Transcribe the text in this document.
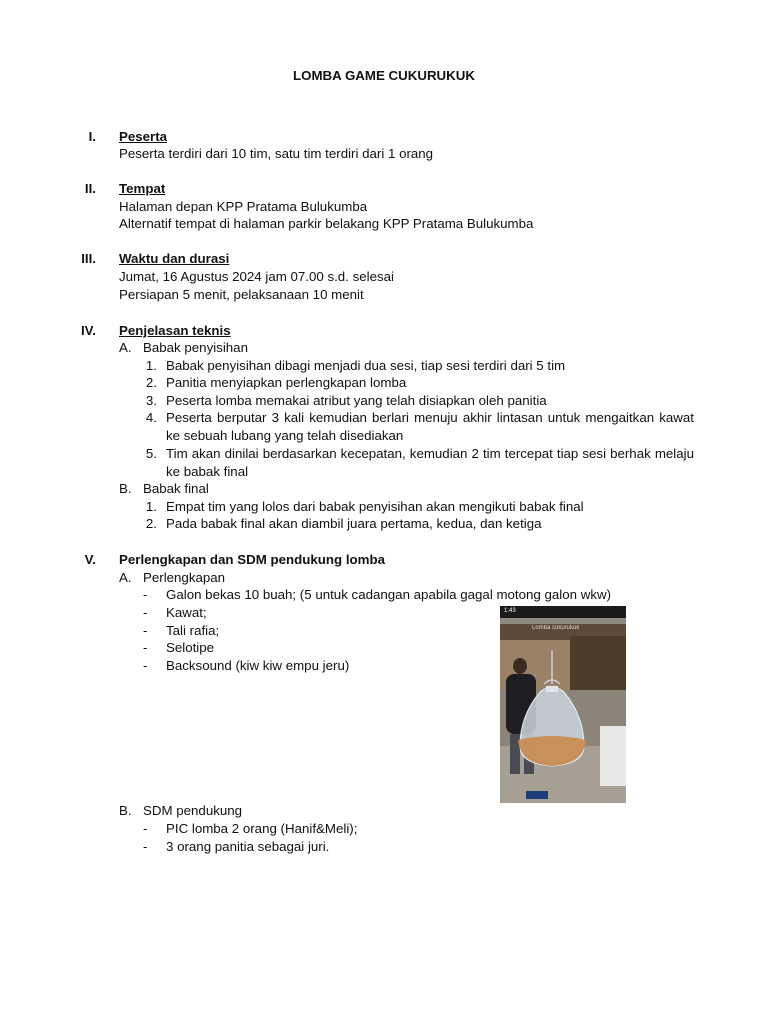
LOMBA GAME CUKURUKUK
I. Peserta
Peserta terdiri dari 10 tim, satu tim terdiri dari 1 orang
II. Tempat
Halaman depan KPP Pratama Bulukumba
Alternatif tempat di halaman parkir belakang KPP Pratama Bulukumba
III. Waktu dan durasi
Jumat, 16 Agustus 2024 jam 07.00 s.d. selesai
Persiapan 5 menit, pelaksanaan 10 menit
IV. Penjelasan teknis
A. Babak penyisihan
1. Babak penyisihan dibagi menjadi dua sesi, tiap sesi terdiri dari 5 tim
2. Panitia menyiapkan perlengkapan lomba
3. Peserta lomba memakai atribut yang telah disiapkan oleh panitia
4. Peserta berputar 3 kali kemudian berlari menuju akhir lintasan untuk mengaitkan kawat ke sebuah lubang yang telah disediakan
5. Tim akan dinilai berdasarkan kecepatan, kemudian 2 tim tercepat tiap sesi berhak melaju ke babak final
B. Babak final
1. Empat tim yang lolos dari babak penyisihan akan mengikuti babak final
2. Pada babak final akan diambil juara pertama, kedua, dan ketiga
V. Perlengkapan dan SDM pendukung lomba
A. Perlengkapan
- Galon bekas 10 buah; (5 untuk cadangan apabila gagal motong galon wkw)
- Kawat;
- Tali rafia;
- Selotipe
- Backsound (kiw kiw empu jeru)
1:43
Lomba cukurukuk
B. SDM pendukung
- PIC lomba 2 orang (Hanif&Meli);
- 3 orang panitia sebagai juri.
